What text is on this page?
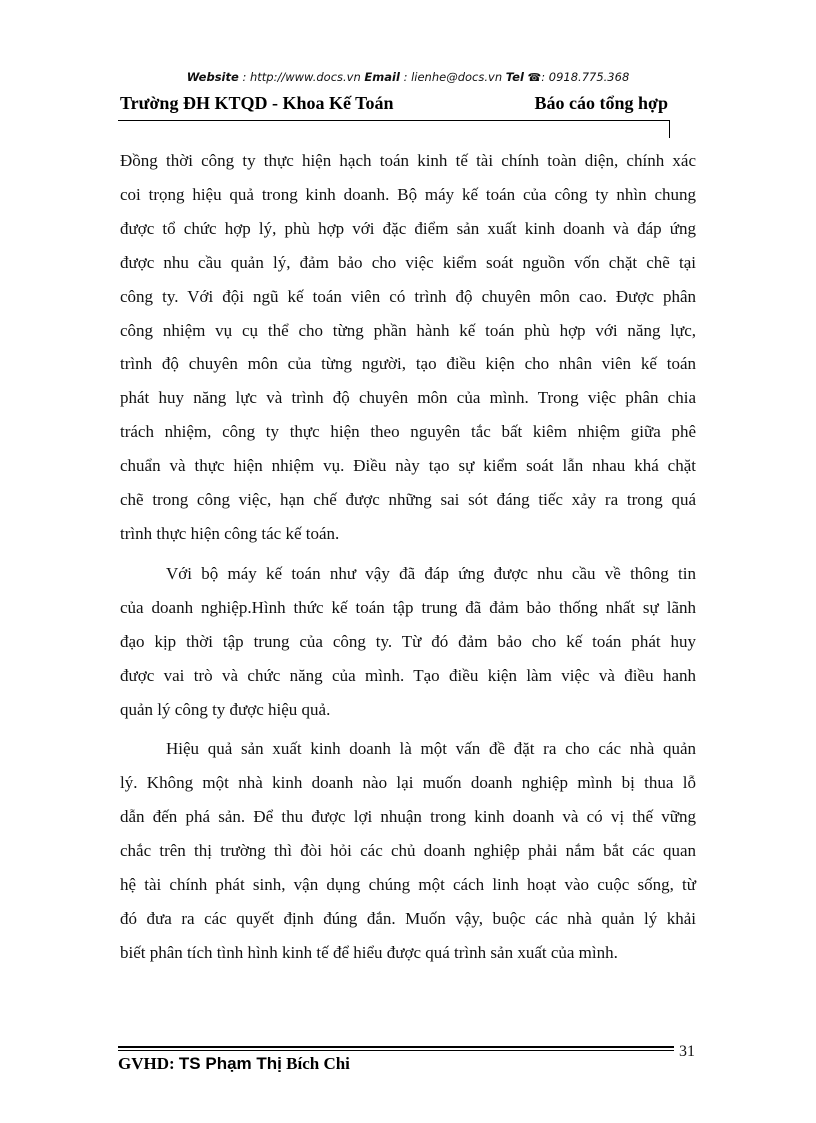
Website : http://www.docs.vn Email : lienhe@docs.vn Tel ☎: 0918.775.368
Trường ĐH KTQD - Khoa Kế Toán	Báo cáo tổng hợp

Đồng thời công ty thực hiện hạch toán kinh tế tài chính toàn diện, chính xác
coi trọng hiệu quả trong kinh doanh. Bộ máy kế toán của công ty nhìn chung
được tổ chức hợp lý, phù hợp với đặc điểm sản xuất kinh doanh và đáp ứng
được nhu cầu quản lý, đảm bảo cho việc kiểm soát nguồn vốn chặt chẽ tại
công ty. Với đội ngũ kế toán viên có trình độ chuyên môn cao. Được phân
công nhiệm vụ cụ thể cho từng phần hành kế toán phù hợp với năng lực,
trình độ chuyên môn của từng người, tạo điều kiện cho nhân viên kế toán
phát huy năng lực và trình độ chuyên môn của mình. Trong việc phân chia
trách nhiệm, công ty thực hiện theo nguyên tắc bất kiêm nhiệm giữa phê
chuẩn và thực hiện nhiệm vụ. Điều này tạo sự kiểm soát lẫn nhau khá chặt
chẽ trong công việc, hạn chế được những sai sót đáng tiếc xảy ra trong quá
trình thực hiện công tác kế toán.

Với bộ máy kế toán như vậy đã đáp ứng được nhu cầu về thông tin
của doanh nghiệp.Hình thức kế toán tập trung đã đảm bảo thống nhất sự lãnh
đạo kịp thời tập trung của công ty. Từ đó đảm bảo cho kế toán phát huy
được vai trò và chức năng của mình. Tạo điều kiện làm việc và điều hanh
quản lý công ty được hiệu quả.

Hiệu quả sản xuất kinh doanh là một vấn đề đặt ra cho các nhà quản
lý. Không một nhà kinh doanh nào lại muốn doanh nghiệp mình bị thua lỗ
dẫn đến phá sản. Để thu được lợi nhuận trong kinh doanh và có vị thế vững
chắc trên thị trường thì đòi hỏi các chủ doanh nghiệp phải nắm bắt các quan
hệ tài chính phát sinh, vận dụng chúng một cách linh hoạt vào cuộc sống, từ
đó đưa ra các quyết định đúng đắn. Muốn vậy, buộc các nhà quản lý khải
biết phân tích tình hình kinh tế để hiểu được quá trình sản xuất của mình.

31
GVHD: TS Phạm Thị Bích Chi
